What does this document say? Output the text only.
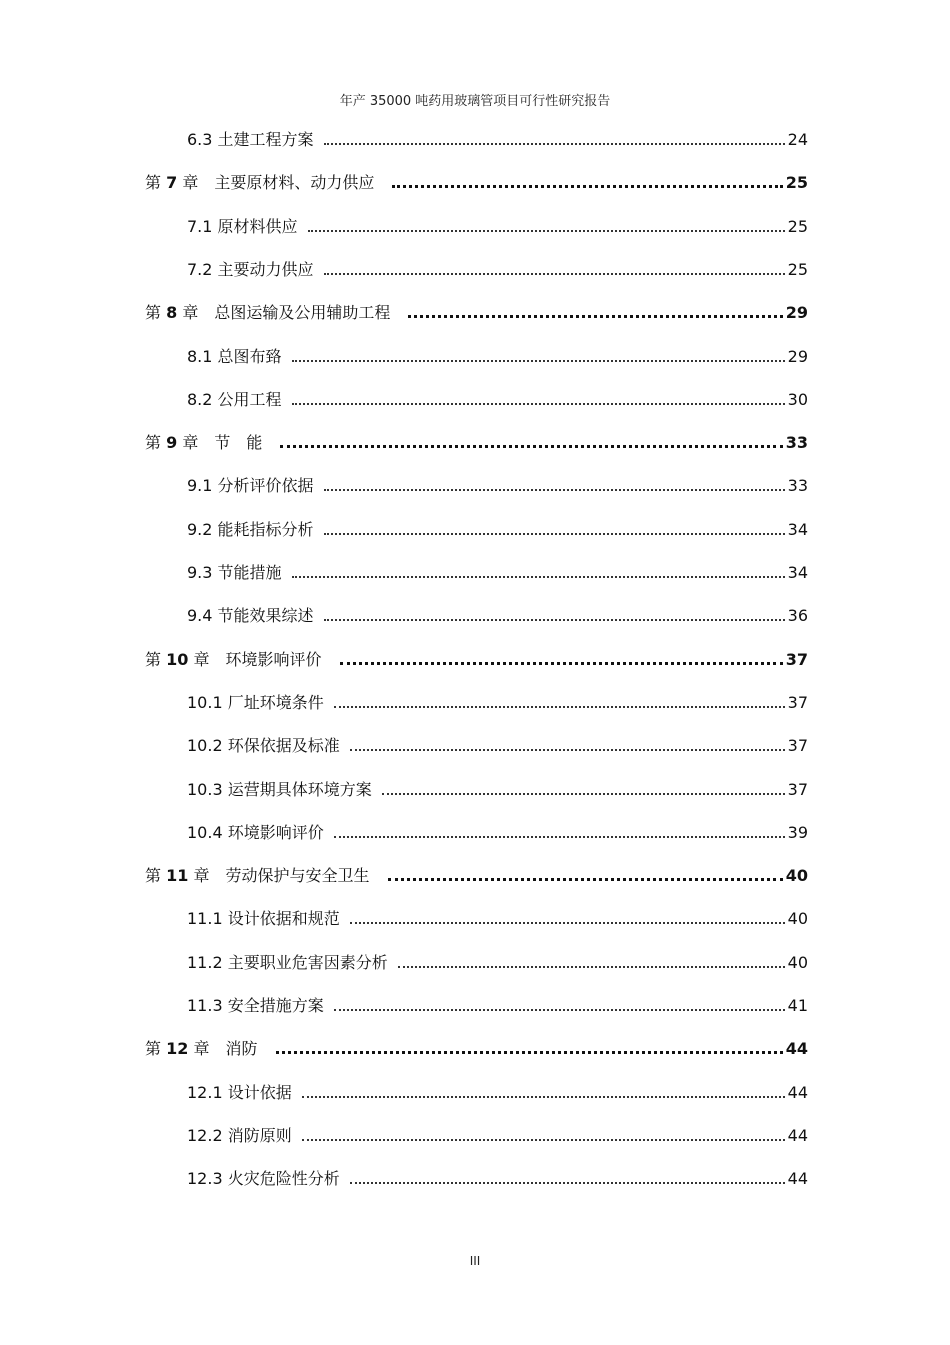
年产 35000 吨药用玻璃管项目可行性研究报告
6.3 土建工程方案	24
第 7 章　 主要原材料、动力供应	25
7.1 原材料供应	25
7.2 主要动力供应	25
第 8 章　 总图运输及公用辅助工程	29
8.1 总图布臵	29
8.2 公用工程	30
第 9 章　 节　能	33
9.1 分析评价依据	33
9.2 能耗指标分析	34
9.3 节能措施	34
9.4 节能效果综述	36
第 10 章　 环境影响评价	37
10.1 厂址环境条件	37
10.2 环保依据及标准	37
10.3 运营期具体环境方案	37
10.4 环境影响评价	39
第 11 章　 劳动保护与安全卫生	40
11.1 设计依据和规范	40
11.2 主要职业危害因素分析	40
11.3 安全措施方案	41
第 12 章　 消防	44
12.1 设计依据	44
12.2 消防原则	44
12.3 火灾危险性分析	44
III
